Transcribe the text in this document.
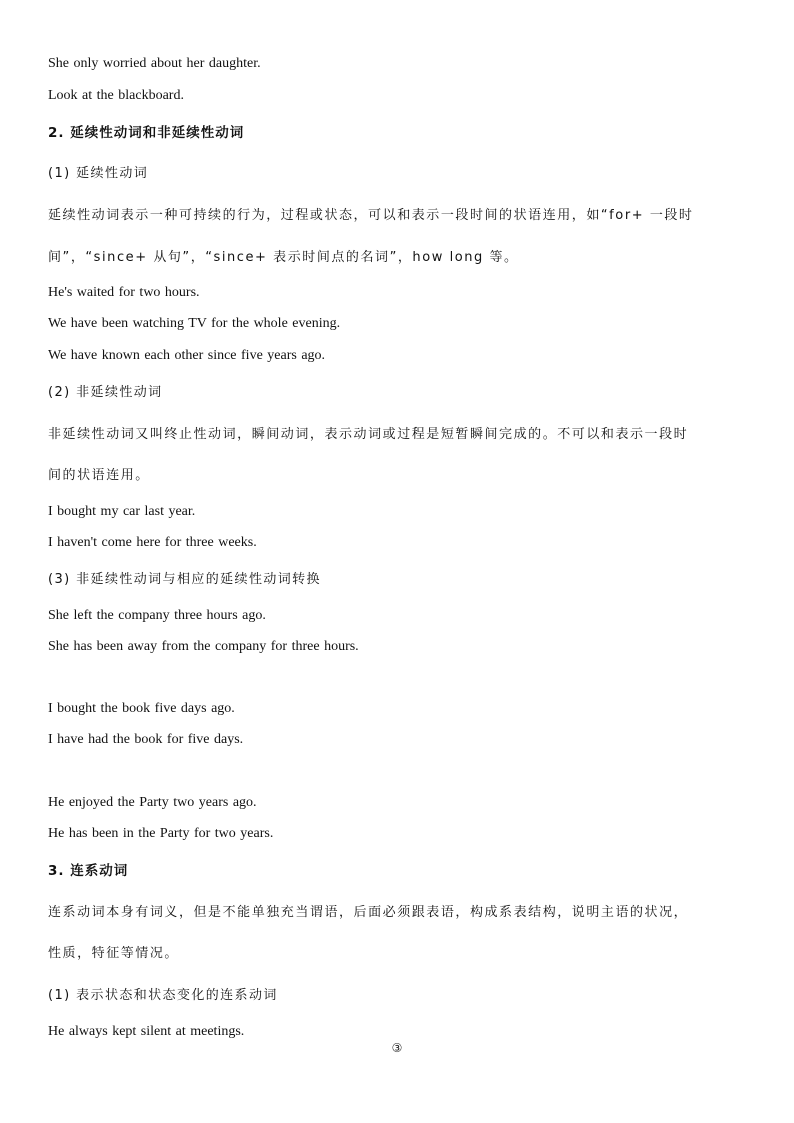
She only worried about her daughter.
Look at the blackboard.
2. 延续性动词和非延续性动词
(1) 延续性动词
延续性动词表示一种可持续的行为，过程或状态，可以和表示一段时间的状语连用，如“for+ 一段时
间”，“since+ 从句”，“since+ 表示时间点的名词”，how long 等。
He's waited for two hours.
We have been watching TV for the whole evening.
We have known each other since five years ago.
(2) 非延续性动词
非延续性动词又叫终止性动词，瞬间动词，表示动词或过程是短暂瞬间完成的。不可以和表示一段时
间的状语连用。
I bought my car last year.
I haven't come here for three weeks.
(3) 非延续性动词与相应的延续性动词转换
She left the company three hours ago.
She has been away from the company for three hours.
I bought the book five days ago.
I have had the book for five days.
He enjoyed the Party two years ago.
He has been in the Party for two years.
3. 连系动词
连系动词本身有词义，但是不能单独充当谓语，后面必须跟表语，构成系表结构，说明主语的状况，
性质，特征等情况。
(1) 表示状态和状态变化的连系动词
He always kept silent at meetings.
③
